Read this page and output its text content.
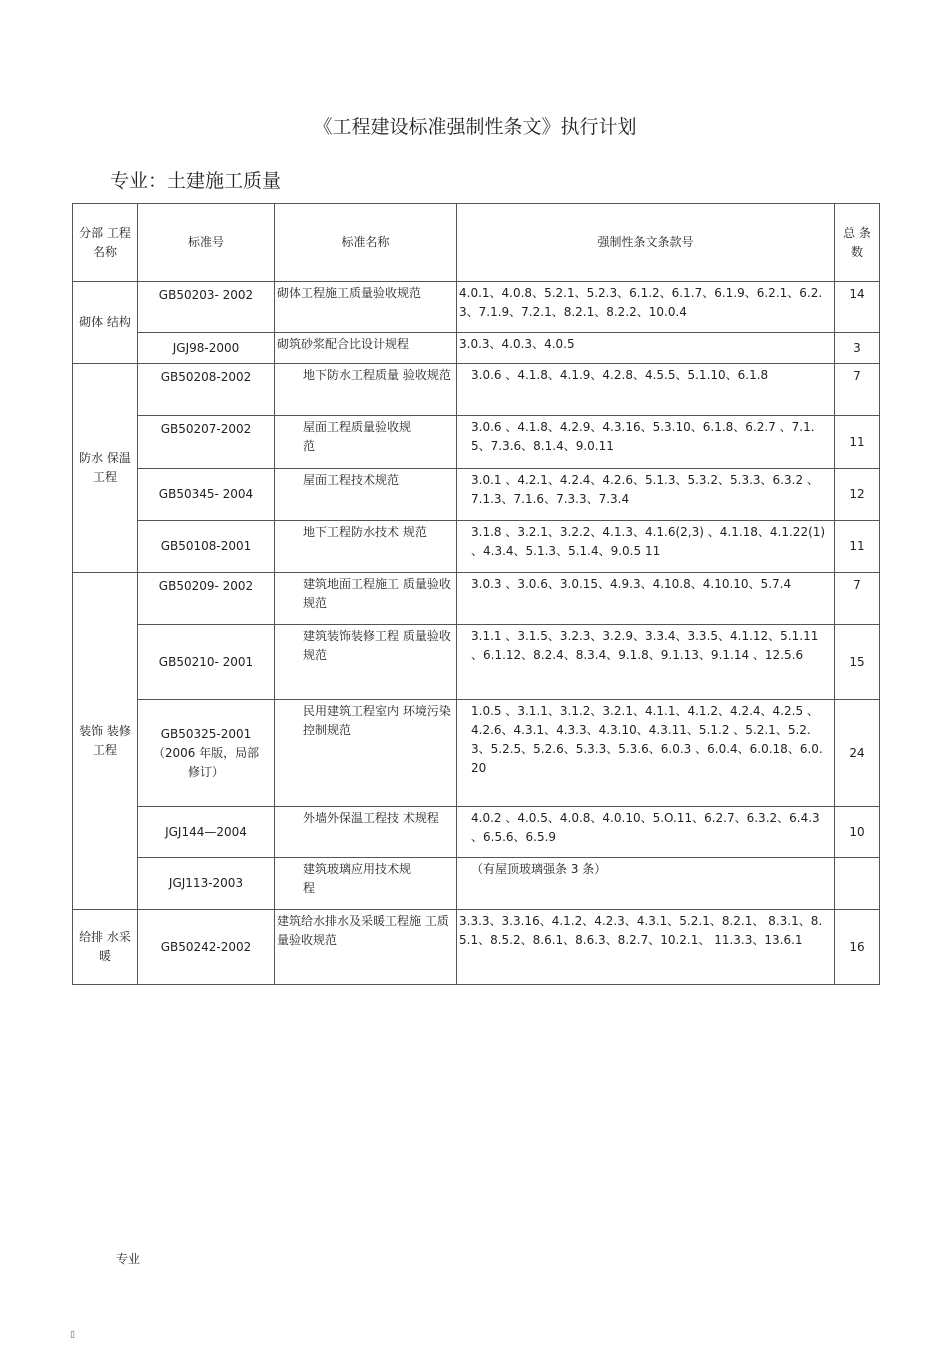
《工程建设标准强制性条文》执行计划
专业：土建施工质量
分部 工程名称	标准号	标准名称	强制性条文条款号	总 条数
砌体 结构	GB50203- 2002	砌体工程施工质量验收规范	4.0.1、4.0.8、5.2.1、5.2.3、6.1.2、6.1.7、6.1.9、6.2.1、6.2.3、7.1.9、7.2.1、8.2.1、8.2.2、10.0.4	14
	JGJ98-2000	砌筑砂浆配合比设计规程	3.0.3、4.0.3、4.0.5	3
防水 保温工程	GB50208-2002	地下防水工程质量 验收规范	3.0.6 、4.1.8、4.1.9、4.2.8、4.5.5、5.1.10、6.1.8	7
	GB50207-2002	屋面工程质量验收规范	3.0.6 、4.1.8、4.2.9、4.3.16、5.3.10、6.1.8、6.2.7 、7.1.5、7.3.6、8.1.4、9.0.11	11
	GB50345- 2004	屋面工程技术规范	3.0.1 、4.2.1、4.2.4、4.2.6、5.1.3、5.3.2、5.3.3、6.3.2 、7.1.3、7.1.6、7.3.3、7.3.4	12
	GB50108-2001	地下工程防水技术 规范	3.1.8 、3.2.1、3.2.2、4.1.3、4.1.6(2,3) 、4.1.18、4.1.22(1) 、4.3.4、5.1.3、5.1.4、9.0.5 11	11
装饰 装修工程	GB50209- 2002	建筑地面工程施工 质量验收规范	3.0.3 、3.0.6、3.0.15、4.9.3、4.10.8、4.10.10、5.7.4	7
	GB50210- 2001	建筑装饰装修工程 质量验收规范	3.1.1 、3.1.5、3.2.3、3.2.9、3.3.4、3.3.5、4.1.12、5.1.11 、6.1.12、8.2.4、8.3.4、9.1.8、9.1.13、9.1.14 、12.5.6	15
	GB50325-2001 （2006 年版，局部修订）	民用建筑工程室内 环境污染控制规范	1.0.5 、3.1.1、3.1.2、3.2.1、4.1.1、4.1.2、4.2.4、4.2.5 、4.2.6、4.3.1、4.3.3、4.3.10、4.3.11、5.1.2 、5.2.1、5.2.3、5.2.5、5.2.6、5.3.3、5.3.6、6.0.3 、6.0.4、6.0.18、6.0.20	24
	JGJ144—2004	外墙外保温工程技 术规程	4.0.2 、4.0.5、4.0.8、4.0.10、5.O.11、6.2.7、6.3.2、6.4.3 、6.5.6、6.5.9	10
	JGJ113-2003	建筑玻璃应用技术规程	（有屋顶玻璃强条 3 条）	
给排 水采暖	GB50242-2002	建筑给水排水及采暖工程施 工质量验收规范	3.3.3、3.3.16、4.1.2、4.2.3、4.3.1、5.2.1、8.2.1、 8.3.1、8.5.1、8.5.2、8.6.1、8.6.3、8.2.7、10.2.1、 11.3.3、13.6.1	16
专业
▯
